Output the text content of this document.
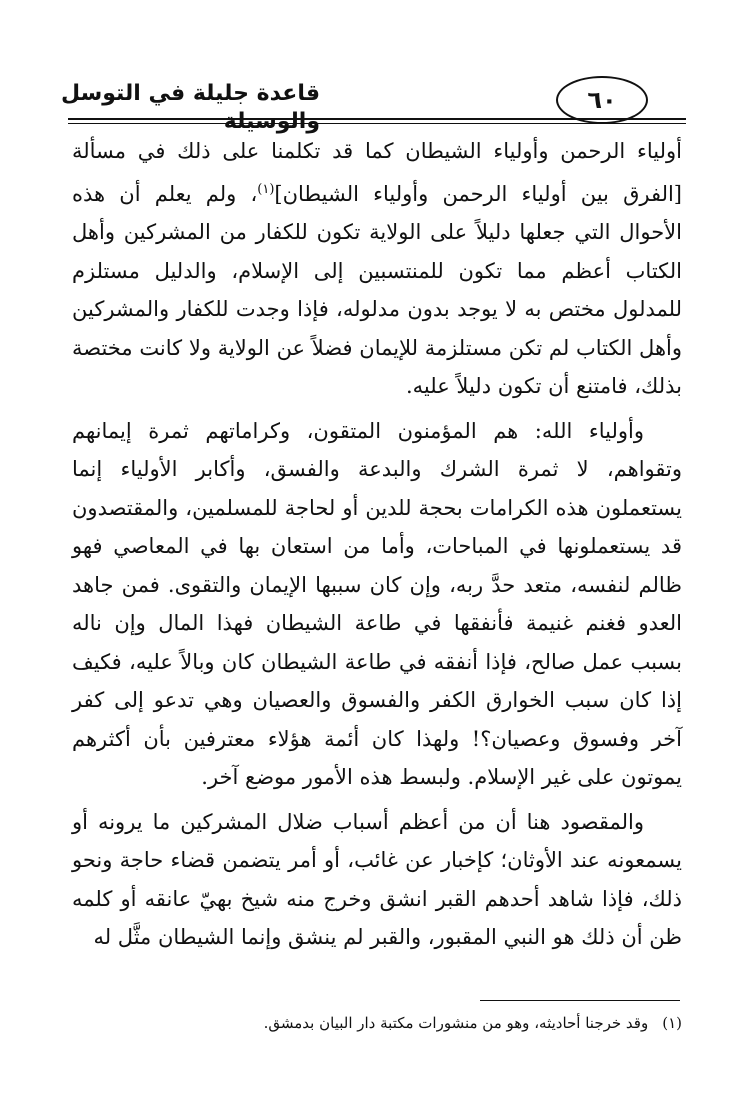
قاعدة جليلة في التوسل والوسيلة
٦٠

أولياء الرحمن وأولياء الشيطان كما قد تكلمنا على ذلك في مسألة [الفرق بين أولياء الرحمن وأولياء الشيطان]$^{(١)}$، ولم يعلم أن هذه الأحوال التي جعلها دليلاً على الولاية تكون للكفار من المشركين وأهل الكتاب أعظم مما تكون للمنتسبين إلى الإسلام، والدليل مستلزم للمدلول مختص به لا يوجد بدون مدلوله، فإذا وجدت للكفار والمشركين وأهل الكتاب لم تكن مستلزمة للإيمان فضلاً عن الولاية ولا كانت مختصة بذلك، فامتنع أن تكون دليلاً عليه.

وأولياء الله: هم المؤمنون المتقون، وكراماتهم ثمرة إيمانهم وتقواهم، لا ثمرة الشرك والبدعة والفسق، وأكابر الأولياء إنما يستعملون هذه الكرامات بحجة للدين أو لحاجة للمسلمين، والمقتصدون قد يستعملونها في المباحات، وأما من استعان بها في المعاصي فهو ظالم لنفسه، متعد حدَّ ربه، وإن كان سببها الإيمان والتقوى. فمن جاهد العدو فغنم غنيمة فأنفقها في طاعة الشيطان فهذا المال وإن ناله بسبب عمل صالح، فإذا أنفقه في طاعة الشيطان كان وبالاً عليه، فكيف إذا كان سبب الخوارق الكفر والفسوق والعصيان وهي تدعو إلى كفر آخر وفسوق وعصيان؟! ولهذا كان أئمة هؤلاء معترفين بأن أكثرهم يموتون على غير الإسلام. ولبسط هذه الأمور موضع آخر.

والمقصود هنا أن من أعظم أسباب ضلال المشركين ما يرونه أو يسمعونه عند الأوثان؛ كإخبار عن غائب، أو أمر يتضمن قضاء حاجة ونحو ذلك، فإذا شاهد أحدهم القبر انشق وخرج منه شيخ بهيّ عانقه أو كلمه ظن أن ذلك هو النبي المقبور، والقبر لم ينشق وإنما الشيطان مثَّل له

(١)وقد خرجنا أحاديثه، وهو من منشورات مكتبة دار البيان بدمشق.
